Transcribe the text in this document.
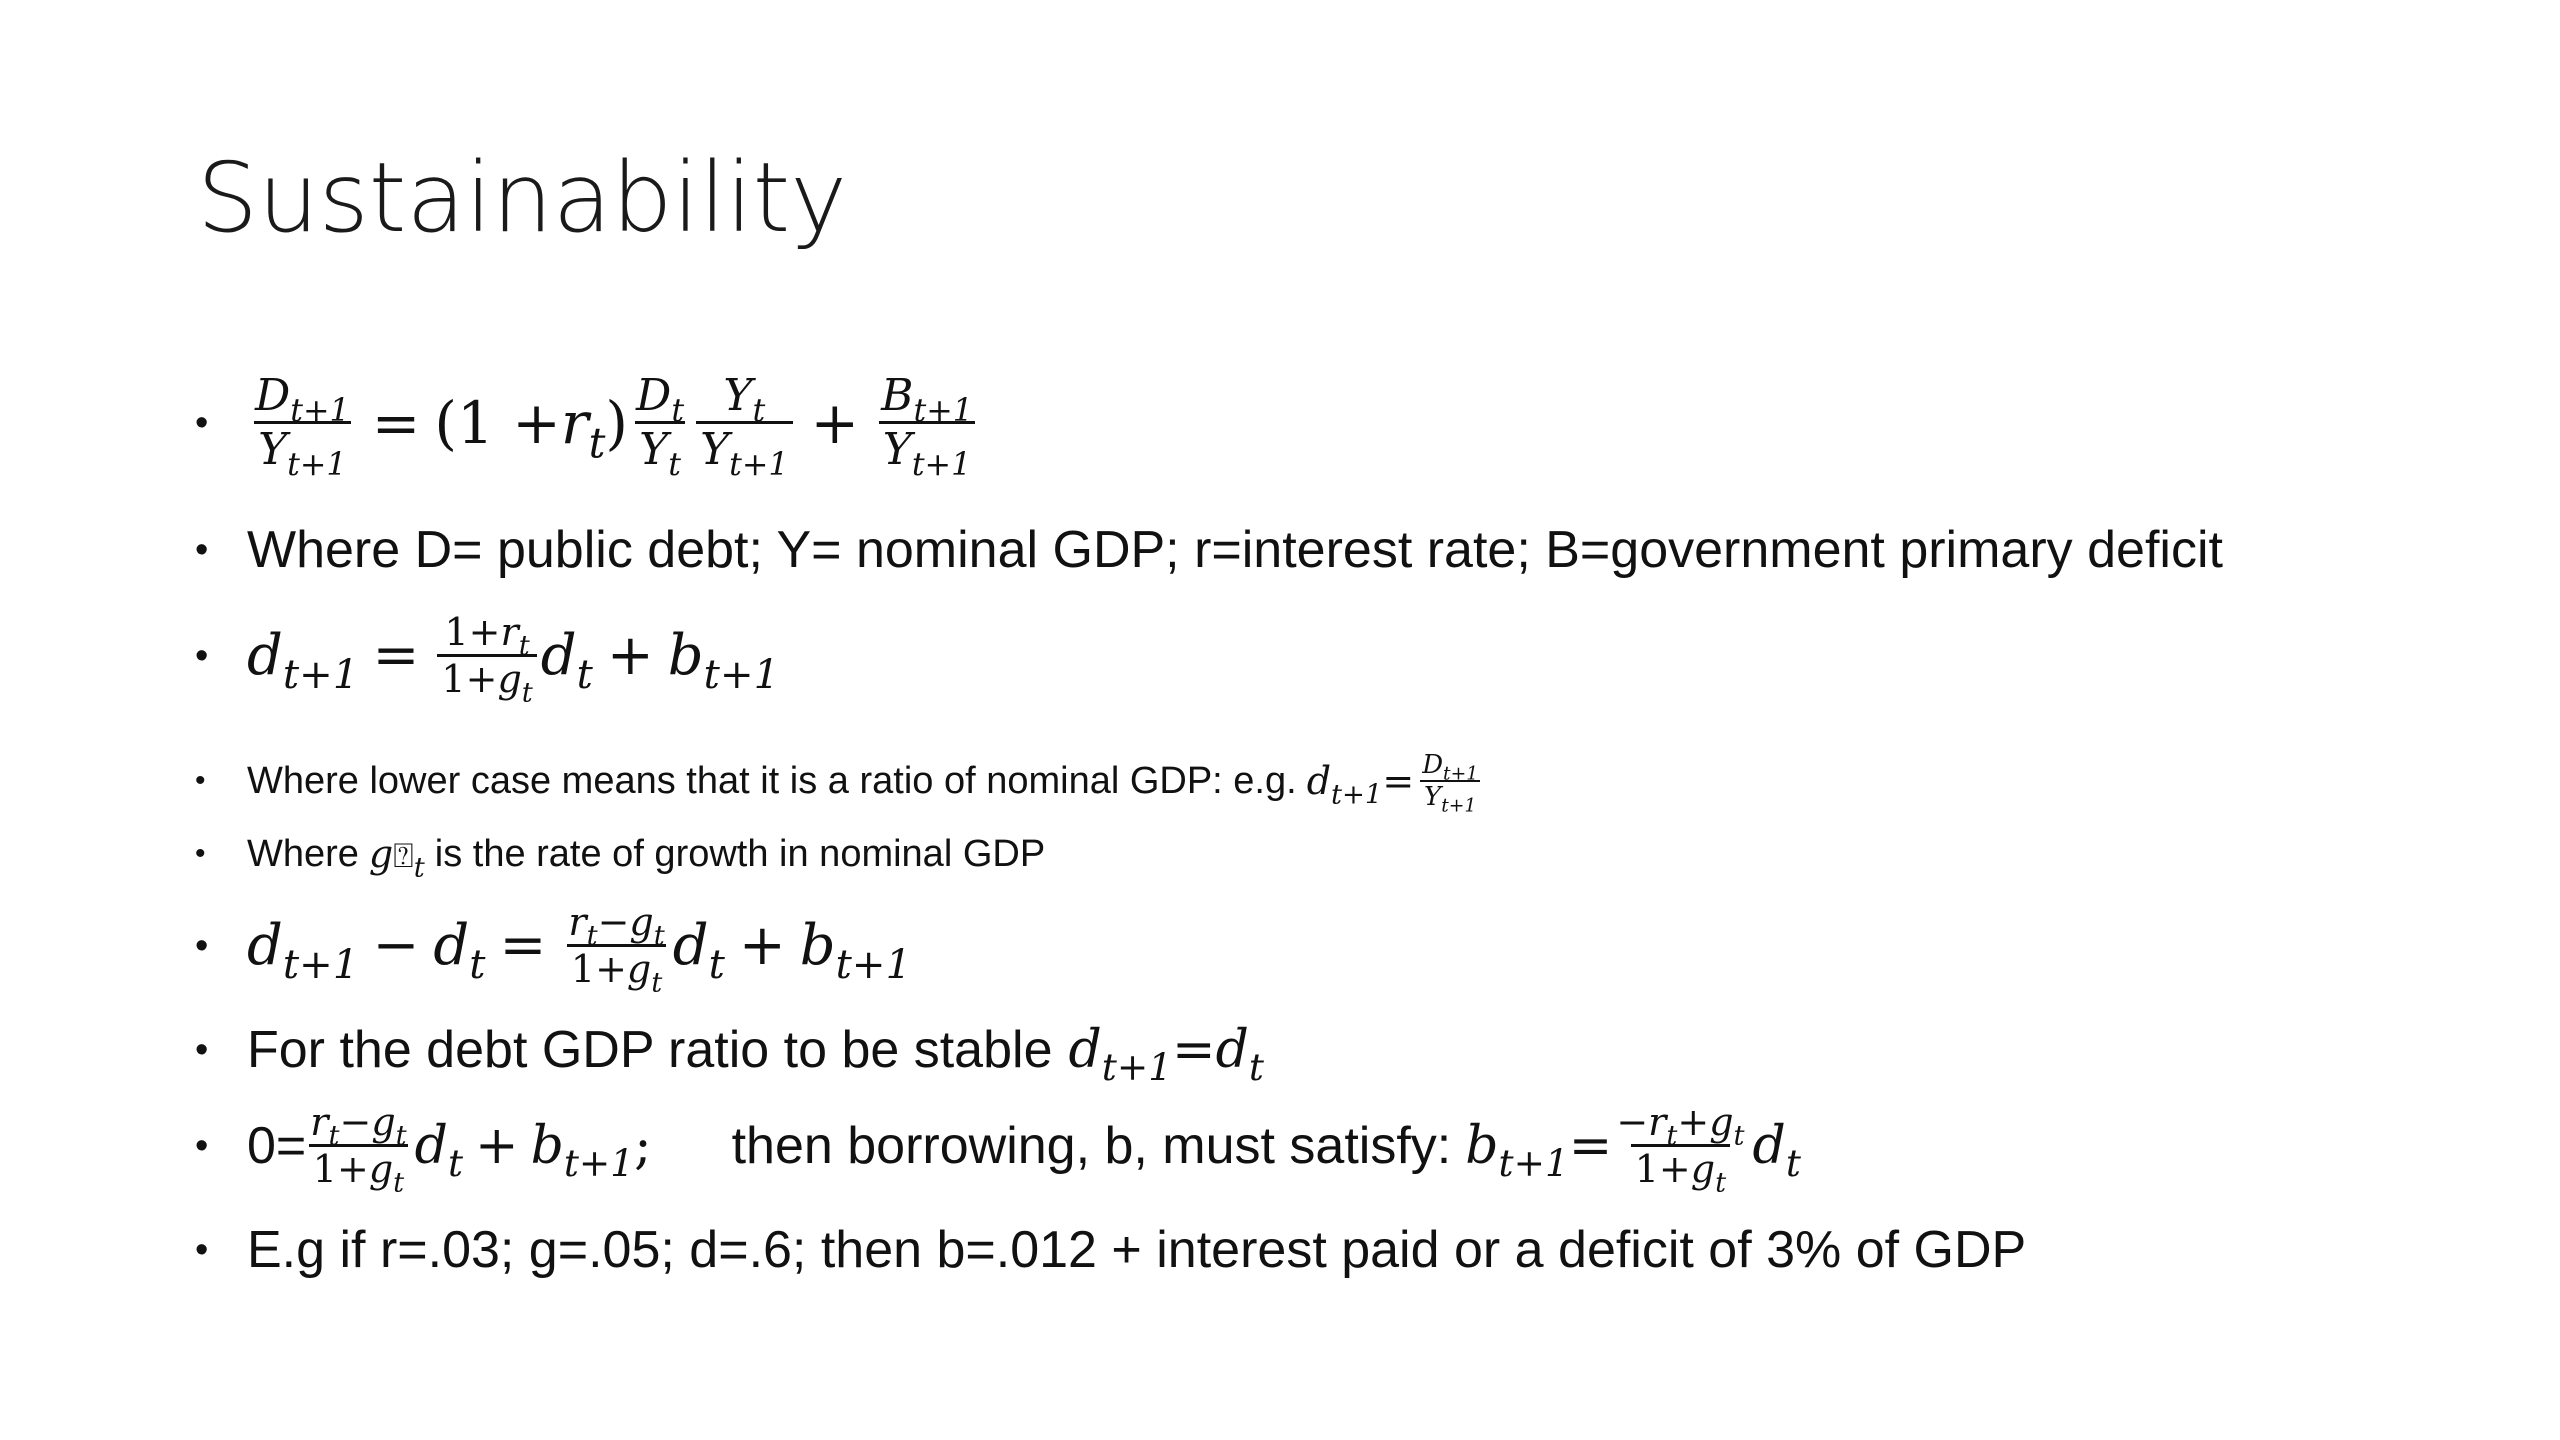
Sustainability
• $\frac{D_{t+1}}{Y_{t+1}} = (1 + r_t$ ) $\frac{D_t}{Y_t} \frac{Y_t}{Y_{t+1}} + \frac{B_{t+1}}{Y_{t+1}}$
• Where D= public debt; Y= nominal GDP; r=interest rate; B=government primary deficit
• $d_{t+1} = \frac{1+r_t}{1+g_t} d_t + b_{t+1}$
•	Where lower case means that it is a ratio of nominal GDP: e.g. $d_{t+1} = \frac{D_{t+1}}{Y_{t+1}}$
•	Where $g⍰_t$ is the rate of growth in nominal GDP
• $d_{t+1} - d_t = \frac{r_t-g_t}{1+g_t} d_t + b_{t+1}$
• For the debt GDP ratio to be stable $d_{t+1} = d_t$
• $0= \frac{r_t-g_t}{1+g_t} d_t + b_{t+1}$ ; then borrowing, b, must satisfy: $b_{t+1} = \frac{-r_t+g_t}{1+g_t} d_t$
• E.g if r=.03; g=.05; d=.6; then b=.012 + interest paid or a deficit of 3% of GDP
